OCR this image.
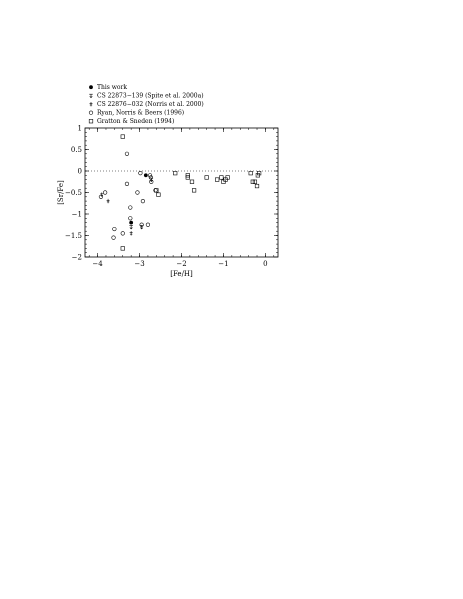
This work
CS 22873−139 (Spite et al. 2000a)
CS 22876−032 (Norris et al. 2000)
Ryan, Norris & Beers (1996)
Gratton & Sneden (1994)
−4	−3	−2	−1	0
−2
−1.5
−1
−0.5
0
0.5
1
[Fe/H]
[Sr/Fe]
